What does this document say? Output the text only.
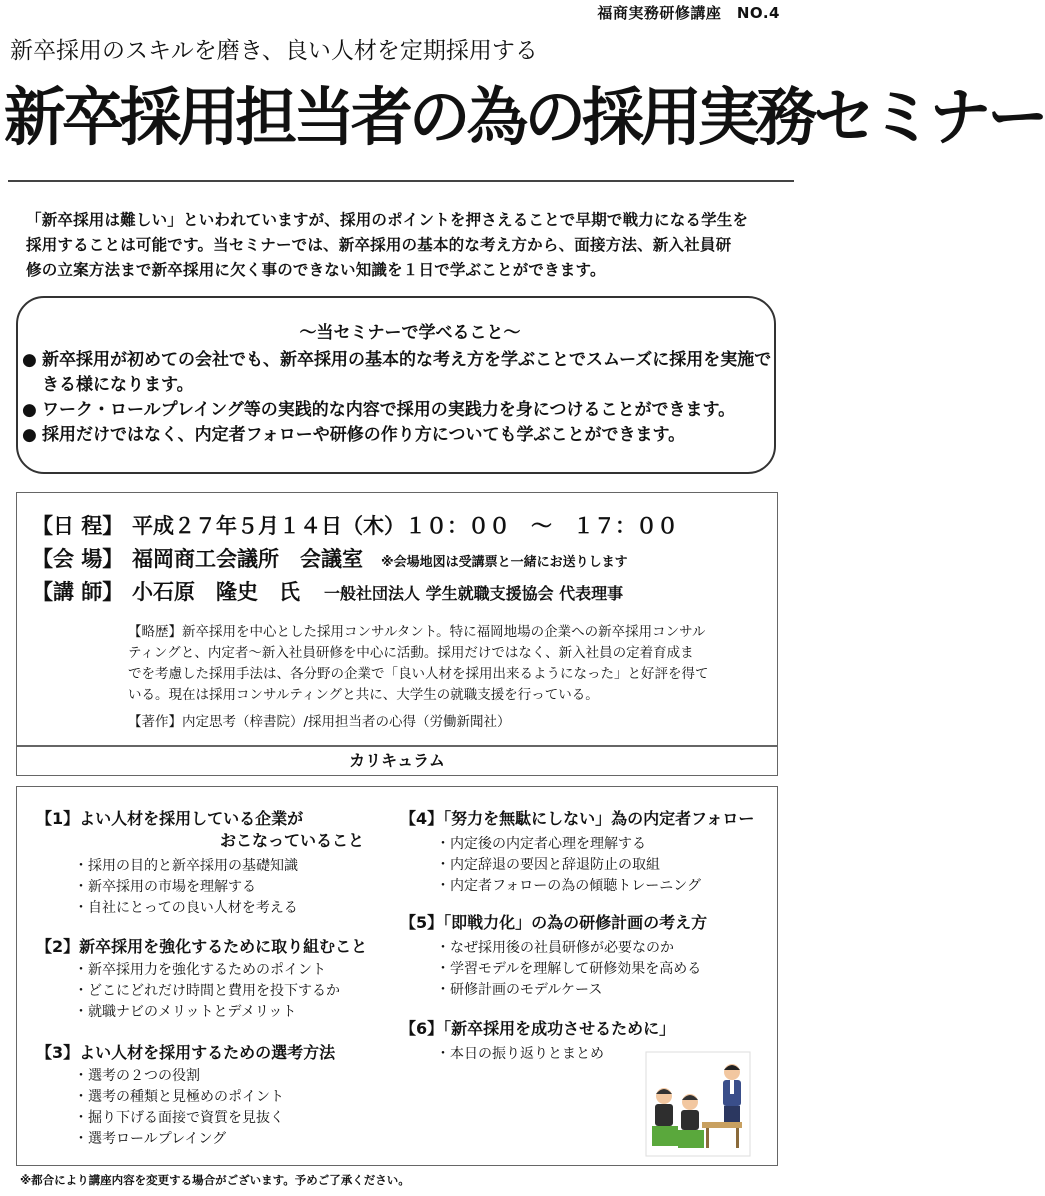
福商実務研修講座　NO.4
新卒採用のスキルを磨き、良い人材を定期採用する
新卒採用担当者の為の採用実務セミナー
「新卒採用は難しい」といわれていますが、採用のポイントを押さえることで早期で戦力になる学生を
採用することは可能です。当セミナーでは、新卒採用の基本的な考え方から、面接方法、新入社員研
修の立案方法まで新卒採用に欠く事のできない知識を１日で学ぶことができます。
～当セミナーで学べること～
● 新卒採用が初めての会社でも、新卒採用の基本的な考え方を学ぶことでスムーズに採用を実施できる様になります。
● ワーク・ロールプレイング等の実践的な内容で採用の実践力を身につけることができます。
● 採用だけではなく、内定者フォローや研修の作り方についても学ぶことができます。
【日 程】 平成２７年５月１４日（木）１０：００　～　１７：００
【会 場】 福岡商工会議所　会議室 ※会場地図は受講票と一緒にお送りします
【講 師】 小石原　隆史　氏 一般社団法人 学生就職支援協会 代表理事
【略歴】新卒採用を中心とした採用コンサルタント。特に福岡地場の企業への新卒採用コンサル
ティングと、内定者～新入社員研修を中心に活動。採用だけではなく、新入社員の定着育成ま
でを考慮した採用手法は、各分野の企業で「良い人材を採用出来るようになった」と好評を得て
いる。現在は採用コンサルティングと共に、大学生の就職支援を行っている。
【著作】内定思考（梓書院）/採用担当者の心得（労働新聞社）
カリキュラム
【1】よい人材を採用している企業が
おこなっていること
・ 採用の目的と新卒採用の基礎知識
・ 新卒採用の市場を理解する
・ 自社にとっての良い人材を考える
【2】新卒採用を強化するために取り組むこと
・ 新卒採用力を強化するためのポイント
・ どこにどれだけ時間と費用を投下するか
・ 就職ナビのメリットとデメリット
【3】よい人材を採用するための選考方法
・ 選考の２つの役割
・ 選考の種類と見極めのポイント
・ 掘り下げる面接で資質を見抜く
・ 選考ロールプレイング
【4】「努力を無駄にしない」為の内定者フォロー
・ 内定後の内定者心理を理解する
・ 内定辞退の要因と辞退防止の取組
・ 内定者フォローの為の傾聴トレーニング
【5】「即戦力化」の為の研修計画の考え方
・ なぜ採用後の社員研修が必要なのか
・ 学習モデルを理解して研修効果を高める
・ 研修計画のモデルケース
【6】「新卒採用を成功させるために」
・ 本日の振り返りとまとめ
※都合により講座内容を変更する場合がございます。予めご了承ください。
